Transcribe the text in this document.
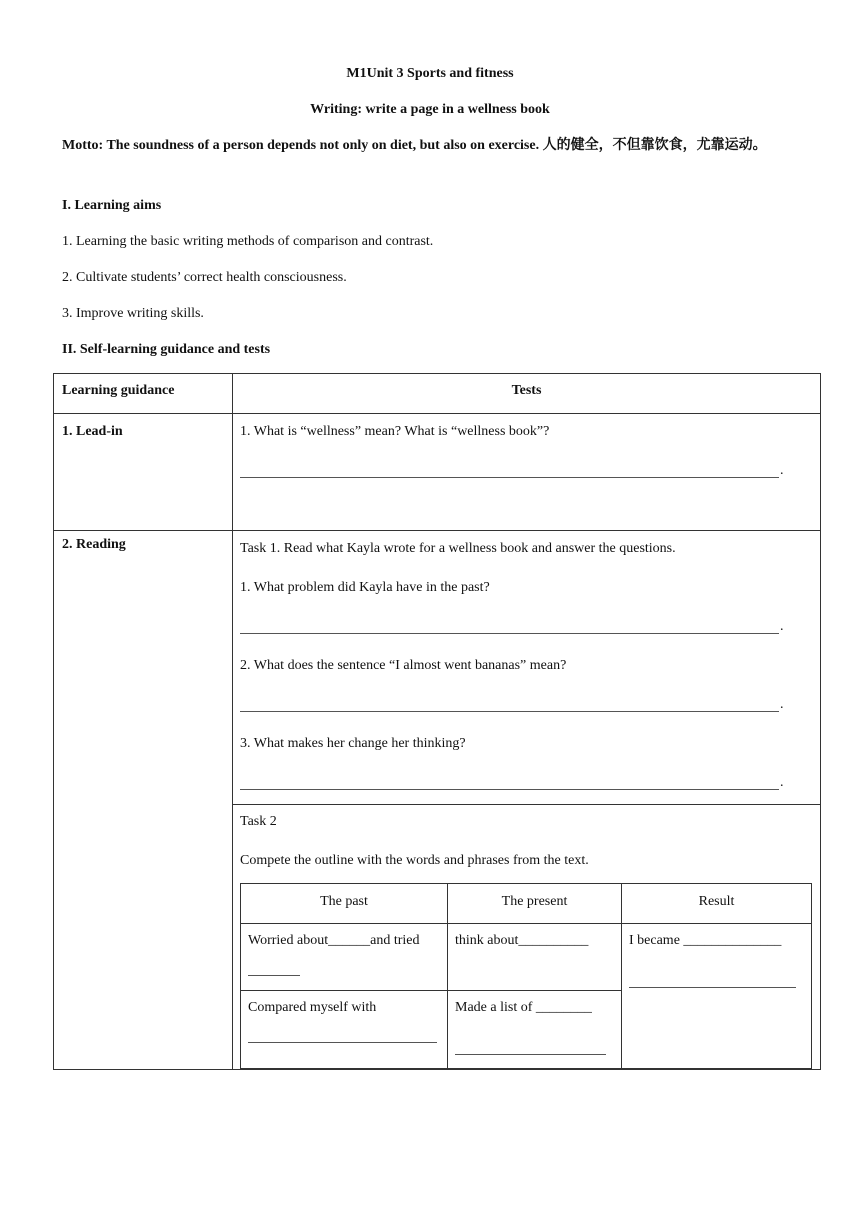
M1Unit 3 Sports and fitness
Writing: write a page in a wellness book
Motto: The soundness of a person depends not only on diet, but also on exercise. 人的健全，不但靠饮食，尤靠运动。
I. Learning aims
1. Learning the basic writing methods of comparison and contrast.
2. Cultivate students’ correct health consciousness.
3. Improve writing skills.
II. Self-learning guidance and tests
Learning guidance	Tests

1. Lead-in	1. What is “wellness” mean? What is “wellness book”?
.

2. Reading	Task 1. Read what Kayla wrote for a wellness book and answer the questions.
1. What problem did Kayla have in the past?
.
2. What does the sentence “I almost went bananas” mean?
.
3. What makes her change her thinking?
.
Task 2
Compete the outline with the words and phrases from the text.
The past	The present	Result

Worried about______and tried	think about__________	I became ______________

Compared myself with	Made a list of ________
